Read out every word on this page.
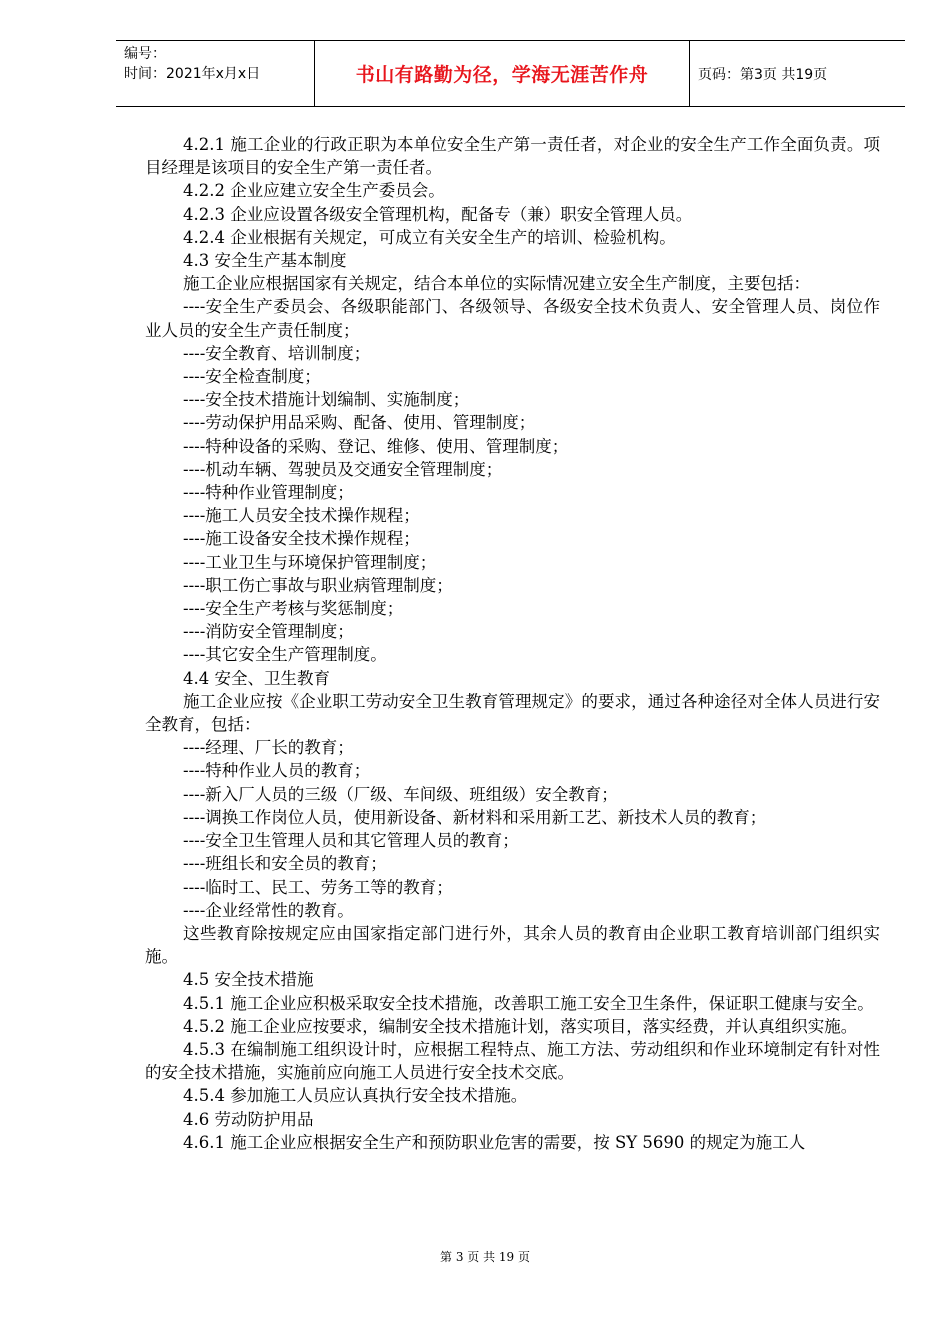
编号：
时间：2021年x月x日	书山有路勤为径，学海无涯苦作舟	页码：第3页 共19页

4.2.1 施工企业的行政正职为本单位安全生产第一责任者，对企业的安全生产工作全面负责。项目经理是该项目的安全生产第一责任者。

4.2.2 企业应建立安全生产委员会。

4.2.3 企业应设置各级安全管理机构，配备专（兼）职安全管理人员。

4.2.4 企业根据有关规定，可成立有关安全生产的培训、检验机构。

4.3 安全生产基本制度

施工企业应根据国家有关规定，结合本单位的实际情况建立安全生产制度，主要包括：

----安全生产委员会、各级职能部门、各级领导、各级安全技术负责人、安全管理人员、岗位作业人员的安全生产责任制度；

----安全教育、培训制度；

----安全检查制度；

----安全技术措施计划编制、实施制度；

----劳动保护用品采购、配备、使用、管理制度；

----特种设备的采购、登记、维修、使用、管理制度；

----机动车辆、驾驶员及交通安全管理制度；

----特种作业管理制度；

----施工人员安全技术操作规程；

----施工设备安全技术操作规程；

----工业卫生与环境保护管理制度；

----职工伤亡事故与职业病管理制度；

----安全生产考核与奖惩制度；

----消防安全管理制度；

----其它安全生产管理制度。

4.4 安全、卫生教育

施工企业应按《企业职工劳动安全卫生教育管理规定》的要求，通过各种途径对全体人员进行安全教育，包括：

----经理、厂长的教育；

----特种作业人员的教育；

----新入厂人员的三级（厂级、车间级、班组级）安全教育；

----调换工作岗位人员，使用新设备、新材料和采用新工艺、新技术人员的教育；

----安全卫生管理人员和其它管理人员的教育；

----班组长和安全员的教育；

----临时工、民工、劳务工等的教育；

----企业经常性的教育。

这些教育除按规定应由国家指定部门进行外，其余人员的教育由企业职工教育培训部门组织实施。

4.5 安全技术措施

4.5.1 施工企业应积极采取安全技术措施，改善职工施工安全卫生条件，保证职工健康与安全。

4.5.2 施工企业应按要求，编制安全技术措施计划，落实项目，落实经费，并认真组织实施。

4.5.3 在编制施工组织设计时，应根据工程特点、施工方法、劳动组织和作业环境制定有针对性的安全技术措施，实施前应向施工人员进行安全技术交底。

4.5.4 参加施工人员应认真执行安全技术措施。

4.6 劳动防护用品

4.6.1 施工企业应根据安全生产和预防职业危害的需要，按 SY 5690 的规定为施工人

第 3 页 共 19 页
